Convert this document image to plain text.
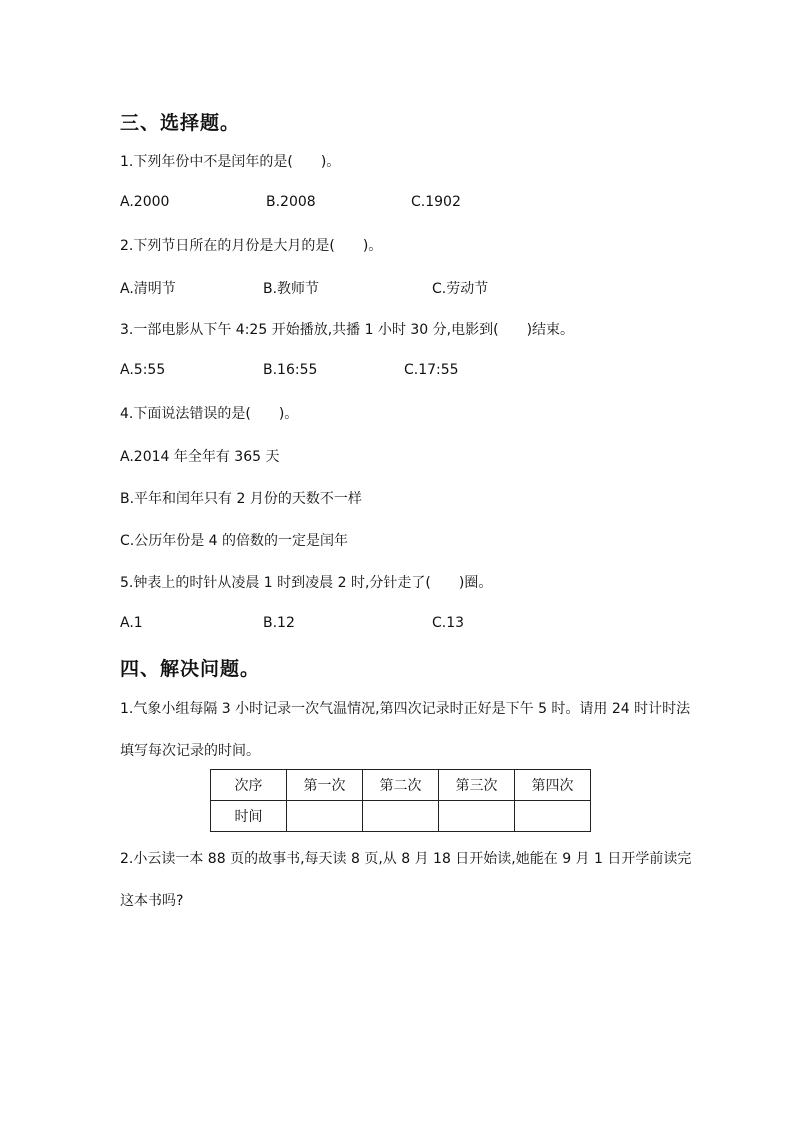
三、选择题。
1.下列年份中不是闰年的是(　　)。
A.2000	B.2008	C.1902
2.下列节日所在的月份是大月的是(　　)。
A.清明节	B.教师节	C.劳动节
3.一部电影从下午 4:25 开始播放,共播 1 小时 30 分,电影到(　　)结束。
A.5:55	B.16:55	C.17:55
4.下面说法错误的是(　　)。
A.2014 年全年有 365 天
B.平年和闰年只有 2 月份的天数不一样
C.公历年份是 4 的倍数的一定是闰年
5.钟表上的时针从凌晨 1 时到凌晨 2 时,分针走了(　　)圈。
A.1	B.12	C.13
四、解决问题。
1.气象小组每隔 3 小时记录一次气温情况,第四次记录时正好是下午 5 时。请用 24 时计时法
填写每次记录的时间。
次序	第一次	第二次	第三次	第四次
时间				
2.小云读一本 88 页的故事书,每天读 8 页,从 8 月 18 日开始读,她能在 9 月 1 日开学前读完
这本书吗?
